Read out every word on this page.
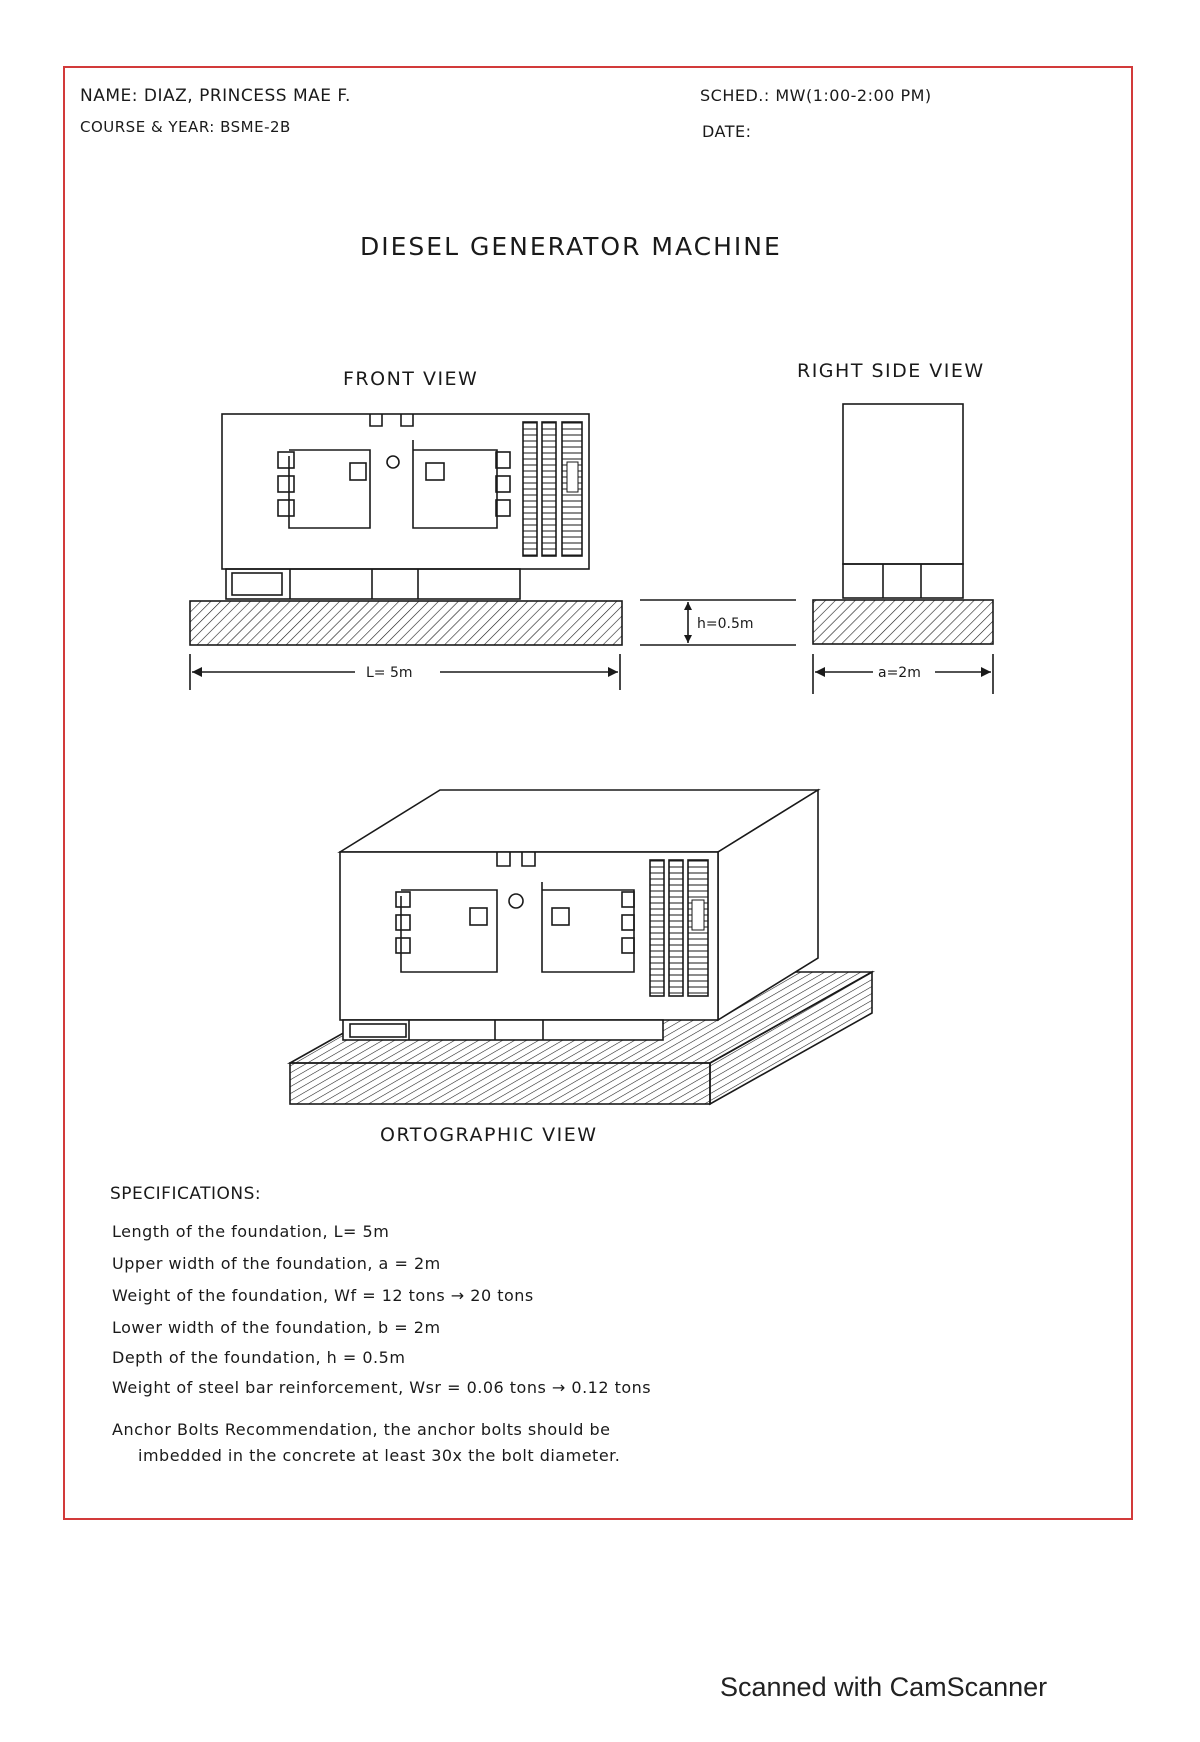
NAME: DIAZ, PRINCESS MAE F.
COURSE & YEAR: BSME-2B
SCHED.: MW(1:00-2:00 PM)
DATE:
DIESEL GENERATOR MACHINE
FRONT VIEW	RIGHT SIDE VIEW
ORTOGRAPHIC VIEW
L= 5m
h=0.5m
a=2m
SPECIFICATIONS:
Length of the foundation, L= 5m
Upper width of the foundation, a = 2m
Weight of the foundation, Wf = 12 tons → 20 tons
Lower width of the foundation, b = 2m
Depth of the foundation, h = 0.5m
Weight of steel bar reinforcement, Wsr = 0.06 tons → 0.12 tons
Anchor Bolts Recommendation, the anchor bolts should be
imbedded in the concrete at least 30x the bolt diameter.
Scanned with CamScanner
